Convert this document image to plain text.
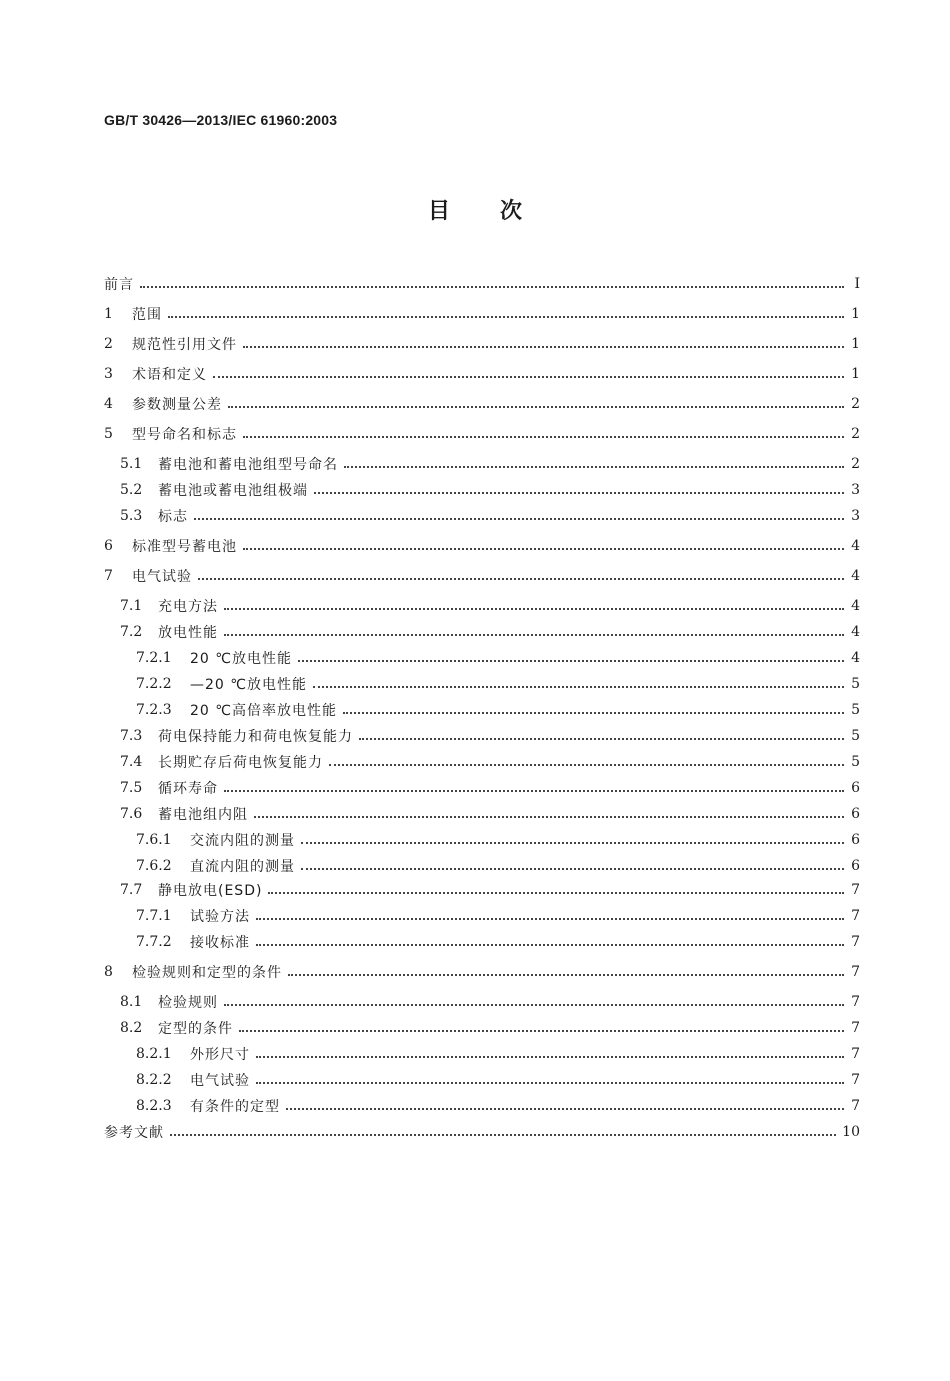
GB/T 30426—2013/IEC 61960:2003
目次
前言	I
1	范围	1
2	规范性引用文件	1
3	术语和定义	1
4	参数测量公差	2
5	型号命名和标志	2
5.1 蓄电池和蓄电池组型号命名	2
5.2 蓄电池或蓄电池组极端	3
5.3 标志	3
6	标准型号蓄电池	4
7	电气试验	4
7.1 充电方法	4
7.2 放电性能	4
7.2.1 20 ℃放电性能	4
7.2.2 —20 ℃放电性能	5
7.2.3 20 ℃高倍率放电性能	5
7.3 荷电保持能力和荷电恢复能力	5
7.4 长期贮存后荷电恢复能力	5
7.5 循环寿命	6
7.6 蓄电池组内阻	6
7.6.1 交流内阻的测量	6
7.6.2 直流内阻的测量	6
7.7 静电放电(ESD)	7
7.7.1 试验方法	7
7.7.2 接收标准	7
8	检验规则和定型的条件	7
8.1 检验规则	7
8.2 定型的条件	7
8.2.1 外形尺寸	7
8.2.2 电气试验	7
8.2.3 有条件的定型	7
参考文献	10
